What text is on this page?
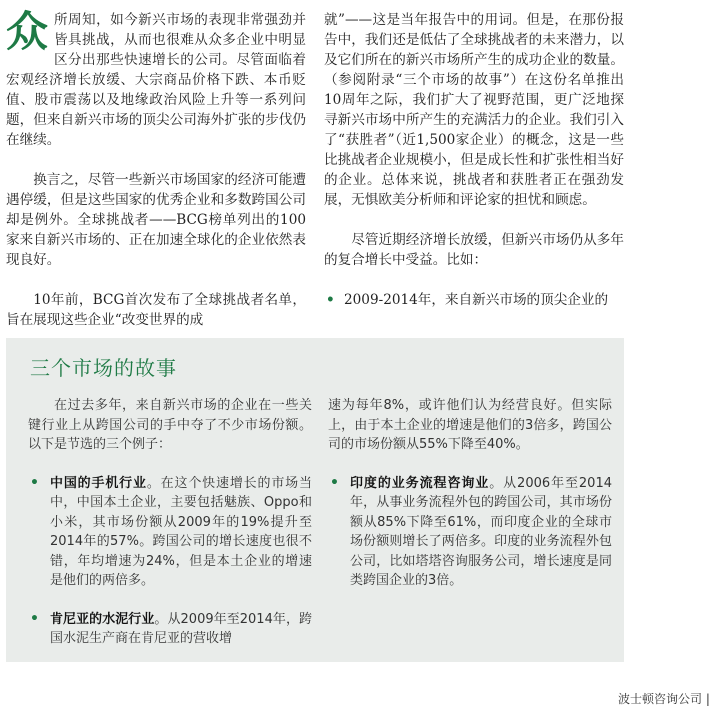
众所周知，如今新兴市场的表现非常强劲并皆具挑战，从而也很难从众多企业中明显区分出那些快速增长的公司。尽管面临着宏观经济增长放缓、大宗商品价格下跌、本币贬值、股市震荡以及地缘政治风险上升等一系列问题，但来自新兴市场的顶尖公司海外扩张的步伐仍在继续。

换言之，尽管一些新兴市场国家的经济可能遭遇停缓，但是这些国家的优秀企业和多数跨国公司却是例外。全球挑战者——BCG榜单列出的100家来自新兴市场的、正在加速全球化的企业依然表现良好。

10年前，BCG首次发布了全球挑战者名单，旨在展现这些企业“改变世界的成

就”——这是当年报告中的用词。但是，在那份报告中，我们还是低估了全球挑战者的未来潜力，以及它们所在的新兴市场所产生的成功企业的数量。（参阅附录“三个市场的故事”）在这份名单推出10周年之际，我们扩大了视野范围，更广泛地探寻新兴市场中所产生的充满活力的企业。我们引入了“获胜者”（近1,500家企业）的概念，这是一些比挑战者企业规模小，但是成长性和扩张性相当好的企业。总体来说，挑战者和获胜者正在强劲发展，无惧欧美分析师和评论家的担忧和顾虑。

尽管近期经济增长放缓，但新兴市场仍从多年的复合增长中受益。比如：

• 2009-2014年，来自新兴市场的顶尖企业的

三个市场的故事

在过去多年，来自新兴市场的企业在一些关键行业上从跨国公司的手中夺了不少市场份额。以下是节选的三个例子：

• 中国的手机行业。在这个快速增长的市场当中，中国本土企业，主要包括魅族、Oppo和小米，其市场份额从2009年的19%提升至2014年的57%。跨国公司的增长速度也很不错，年均增速为24%，但是本土企业的增速是他们的两倍多。

• 肯尼亚的水泥行业。从2009年至2014年，跨国水泥生产商在肯尼亚的营收增

速为每年8%，或许他们认为经营良好。但实际上，由于本土企业的增速是他们的3倍多，跨国公司的市场份额从55%下降至40%。

• 印度的业务流程咨询业。从2006年至2014年，从事业务流程外包的跨国公司，其市场份额从85%下降至61%，而印度企业的全球市场份额则增长了两倍多。印度的业务流程外包公司，比如塔塔咨询服务公司，增长速度是同类跨国企业的3倍。

波士顿咨询公司 |
